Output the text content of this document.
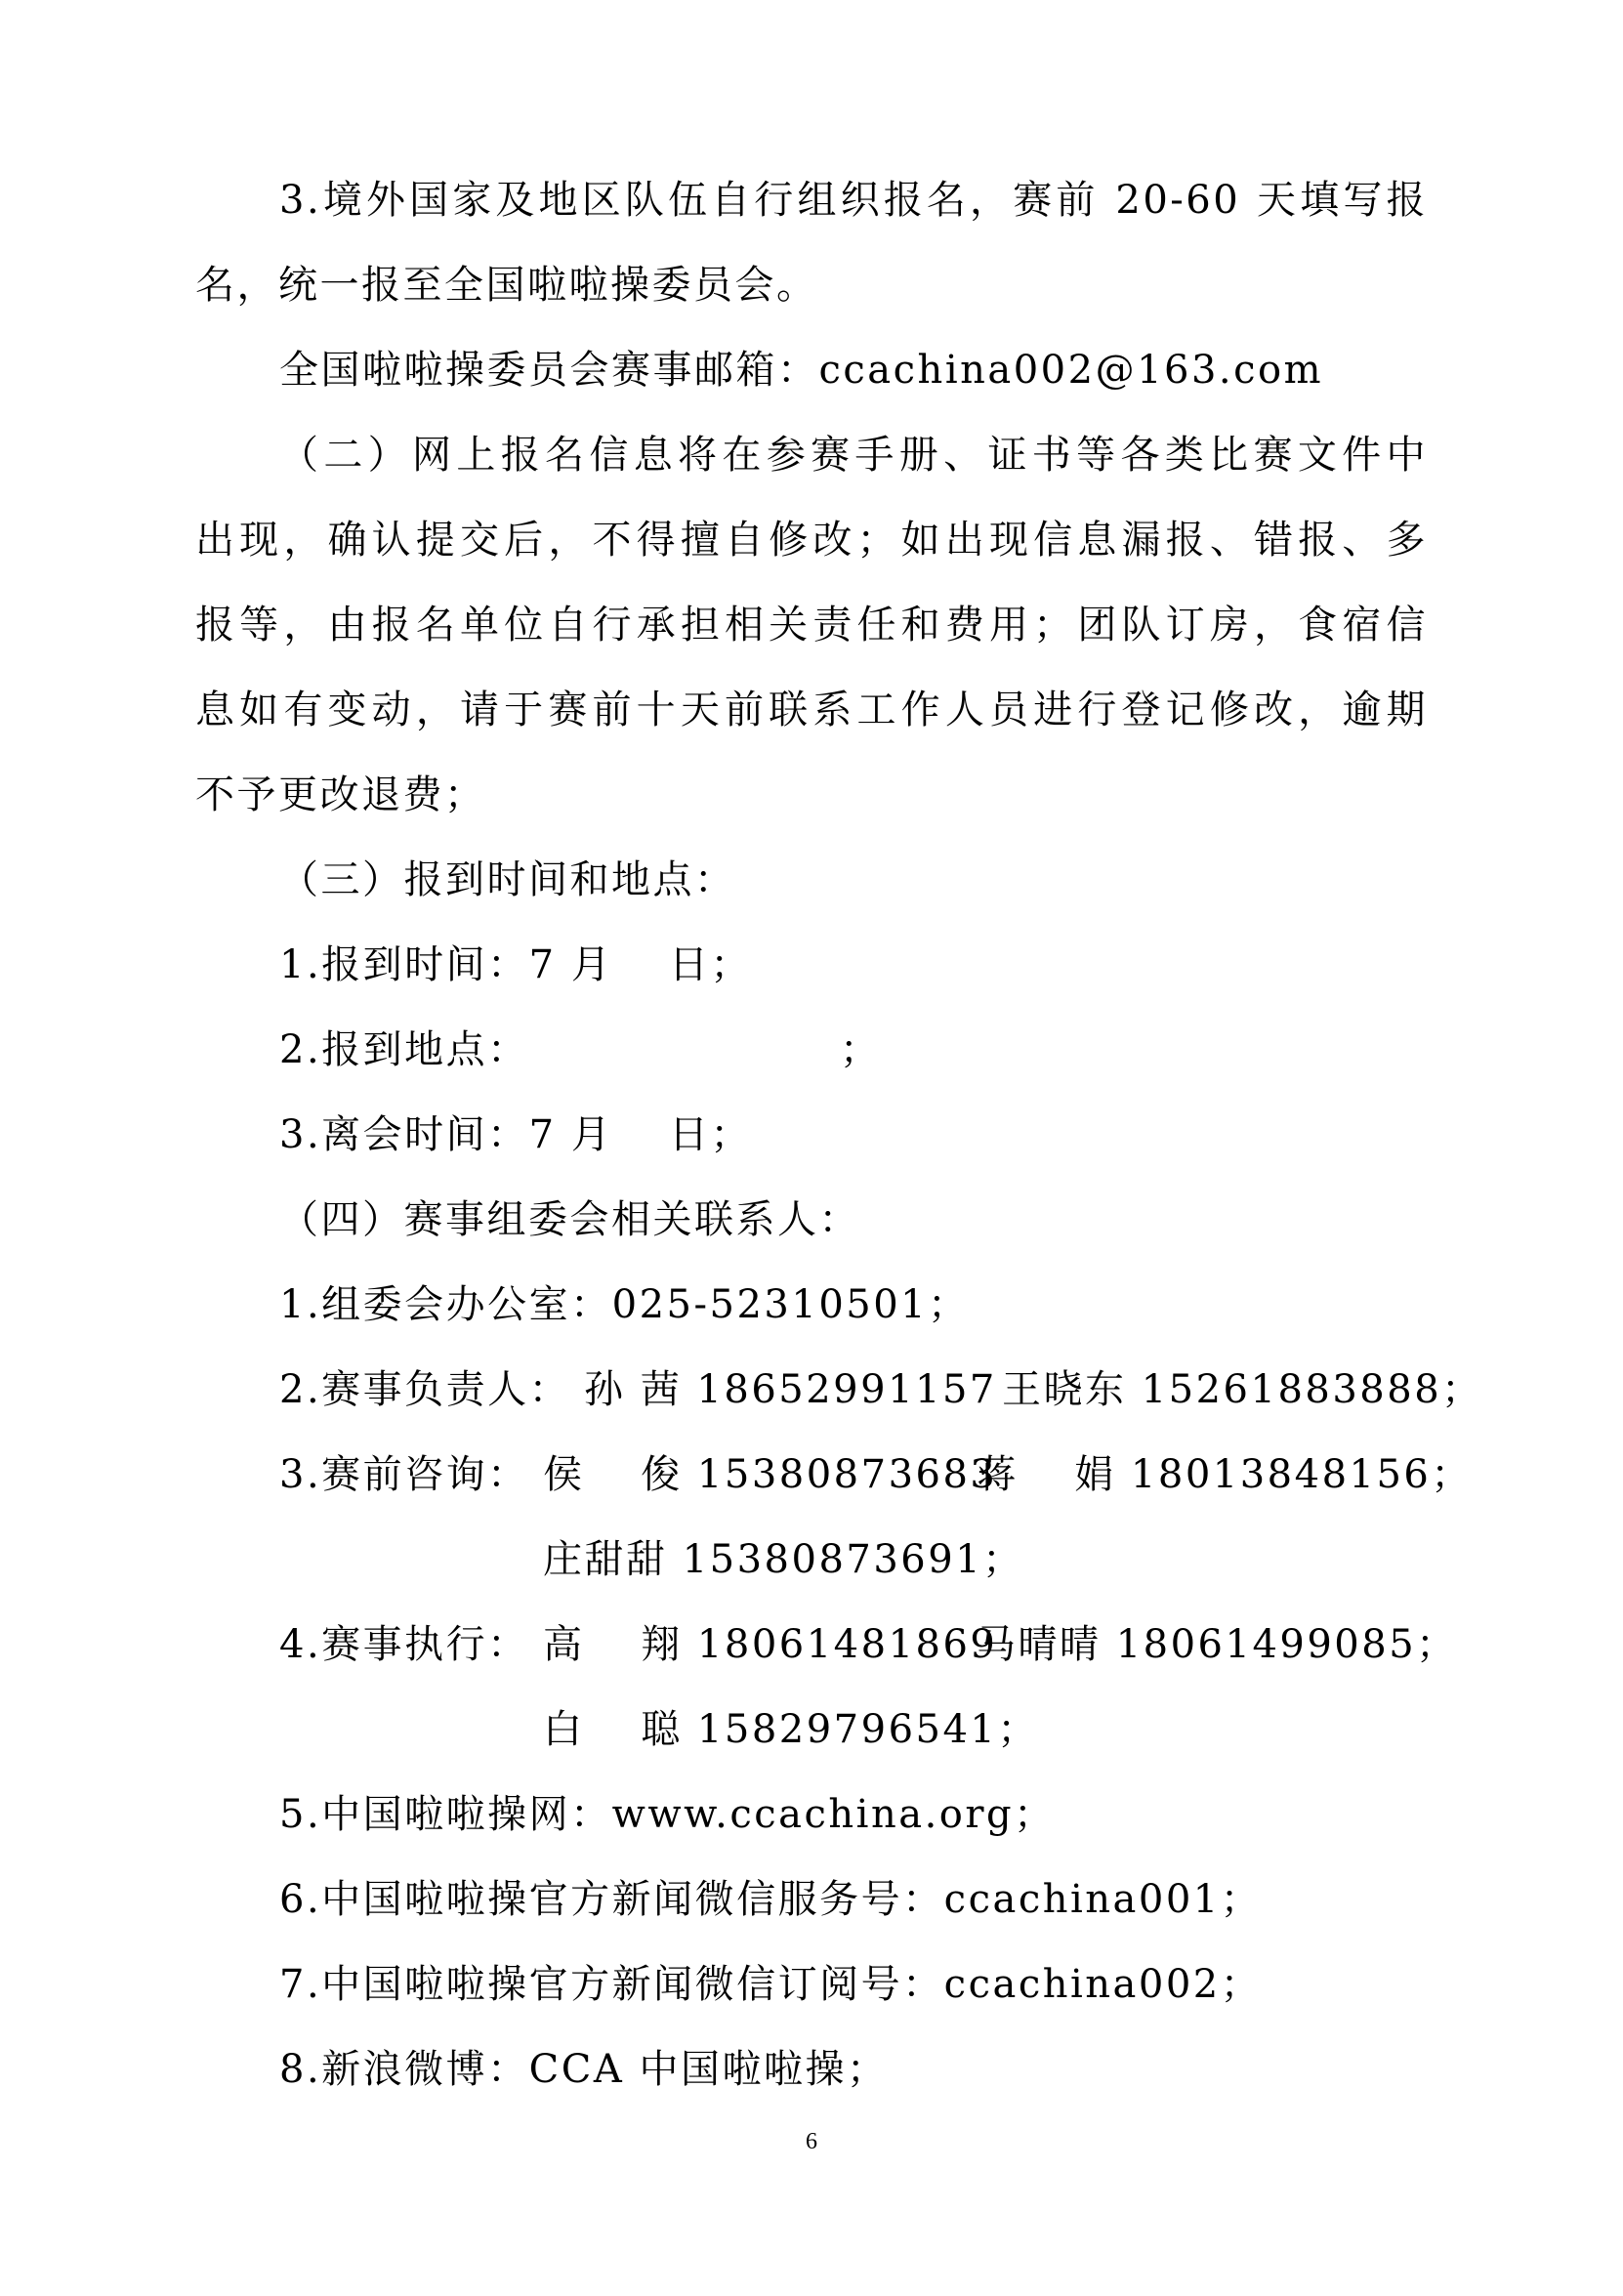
3.境外国家及地区队伍自行组织报名，赛前 20-60 天填写报

名，统一报至全国啦啦操委员会。

全国啦啦操委员会赛事邮箱：ccachina002@163.com

（二）网上报名信息将在参赛手册、证书等各类比赛文件中

出现，确认提交后，不得擅自修改；如出现信息漏报、错报、多

报等，由报名单位自行承担相关责任和费用；团队订房，食宿信

息如有变动，请于赛前十天前联系工作人员进行登记修改，逾期

不予更改退费；

（三）报到时间和地点：

1.报到时间：7 月　 日；

2.报到地点：	；

3.离会时间：7 月　 日；

（四）赛事组委会相关联系人：

1.组委会办公室：025-52310501；

2.赛事负责人： 孙 茜 18652991157 王晓东 15261883888；
3.赛前咨询： 侯　 俊 15380873683
蒋　 娟 18013848156；
庄甜甜 15380873691；
4.赛事执行： 高　 翔 18061481869
马晴晴 18061499085；
白　 聪 15829796541；

5.中国啦啦操网：www.ccachina.org；

6.中国啦啦操官方新闻微信服务号：ccachina001；

7.中国啦啦操官方新闻微信订阅号：ccachina002；

8.新浪微博：CCA 中国啦啦操；

6
